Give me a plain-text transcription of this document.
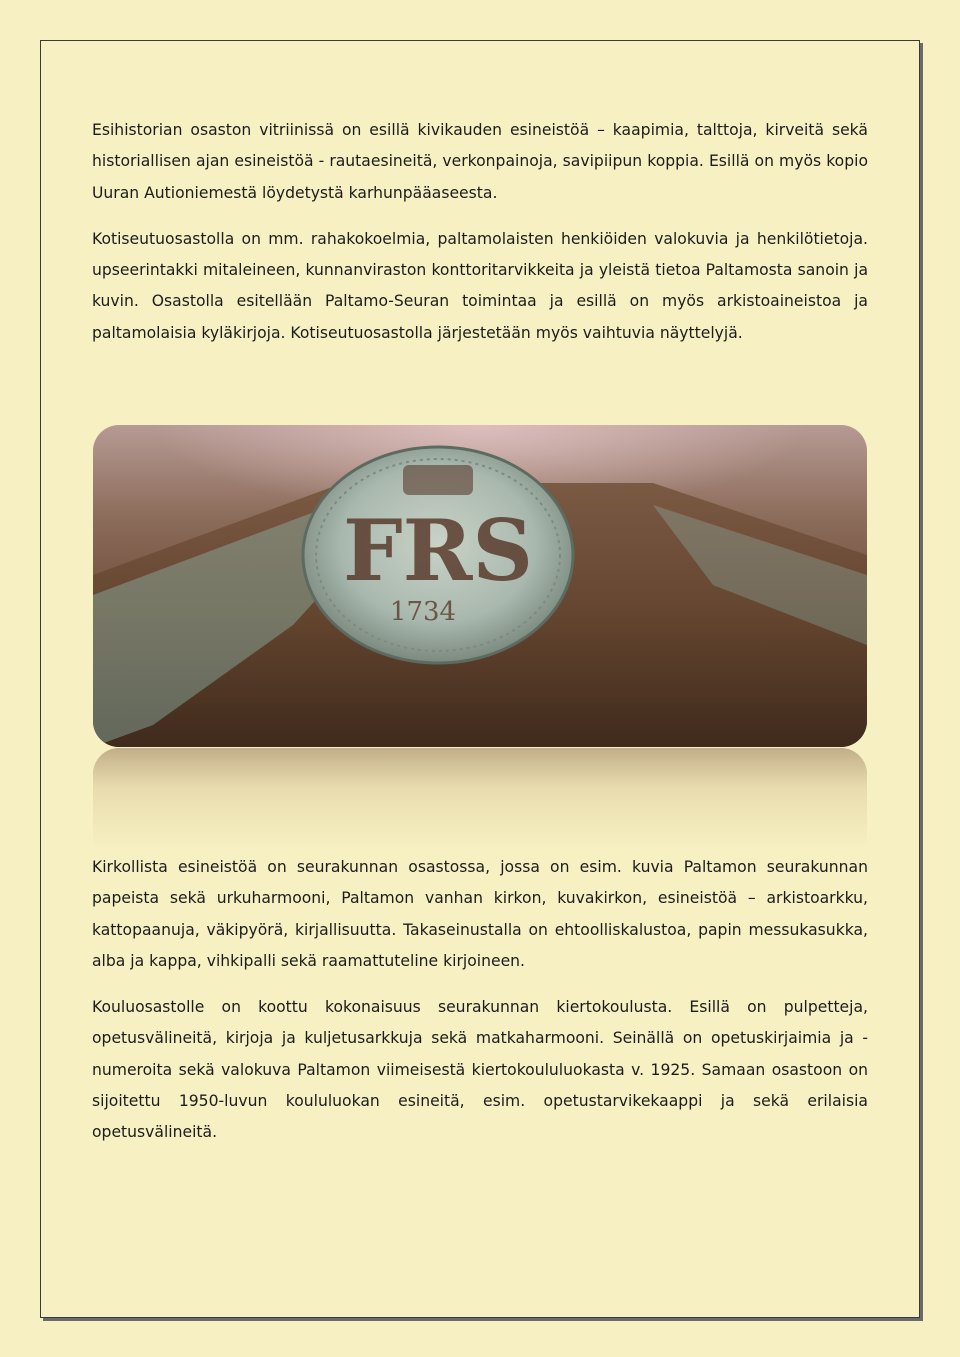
Esihistorian osaston vitriinissä on esillä kivikauden esineistöä – kaapimia, talttoja, kirveitä sekä historiallisen ajan esineistöä - rautaesineitä, verkonpainoja, savipiipun koppia. Esillä on myös kopio Uuran Autioniemestä löydetystä karhunpääaseesta.

Kotiseutuosastolla on mm. rahakokoelmia, paltamolaisten henkiöiden valokuvia ja henkilötietoja. upseerintakki mitaleineen, kunnanviraston konttoritarvikkeita ja yleistä tietoa Paltamosta sanoin ja kuvin. Osastolla esitellään Paltamo-Seuran toimintaa ja esillä on myös arkistoaineistoa ja paltamolaisia kyläkirjoja. Kotiseutuosastolla järjestetään myös vaihtuvia näyttelyjä.

FRS
1734

Kirkollista esineistöä on seurakunnan osastossa, jossa on esim. kuvia Paltamon seurakunnan papeista sekä urkuharmooni, Paltamon vanhan kirkon, kuvakirkon, esineistöä – arkistoarkku, kattopaanuja, väkipyörä, kirjallisuutta. Takaseinustalla on ehtoolliskalustoa, papin messukasukka, alba ja kappa, vihkipalli sekä raamattuteline kirjoineen.

Kouluosastolle on koottu kokonaisuus seurakunnan kiertokoulusta. Esillä on pulpetteja, opetusvälineitä, kirjoja ja kuljetusarkkuja sekä matkaharmooni. Seinällä on opetuskirjaimia ja -numeroita sekä valokuva Paltamon viimeisestä kiertokoululuokasta v. 1925. Samaan osastoon on sijoitettu 1950-luvun koululuokan esineitä, esim. opetustarvikekaappi ja sekä erilaisia opetusvälineitä.
